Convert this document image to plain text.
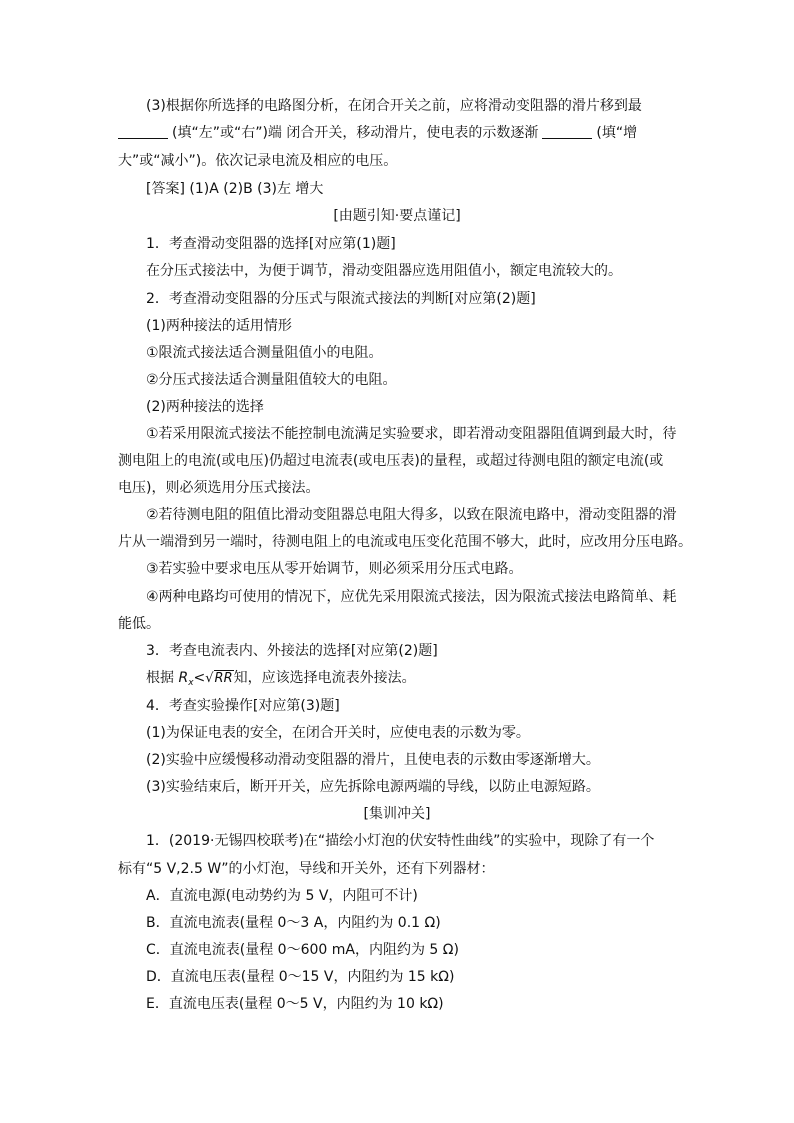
(3)根据你所选择的电路图分析，在闭合开关之前，应将滑动变阻器的滑片移到最
(填“左”或“右”)端 闭合开关，移动滑片，使电表的示数逐渐	(填“增
大”或“减小”)。依次记录电流及相应的电压。
[答案] (1)A (2)B (3)左 增大
[由题引知·要点谨记]
1．考查滑动变阻器的选择[对应第(1)题]
在分压式接法中，为便于调节，滑动变阻器应选用阻值小，额定电流较大的。
2．考查滑动变阻器的分压式与限流式接法的判断[对应第(2)题]
(1)两种接法的适用情形
①限流式接法适合测量阻值小的电阻。
②分压式接法适合测量阻值较大的电阻。
(2)两种接法的选择
①若采用限流式接法不能控制电流满足实验要求，即若滑动变阻器阻值调到最大时，待
测电阻上的电流(或电压)仍超过电流表(或电压表)的量程，或超过待测电阻的额定电流(或
电压)，则必须选用分压式接法。
②若待测电阻的阻值比滑动变阻器总电阻大得多，以致在限流电路中，滑动变阻器的滑
片从一端滑到另一端时，待测电阻上的电流或电压变化范围不够大，此时，应改用分压电路。
③若实验中要求电压从零开始调节，则必须采用分压式电路。
④两种电路均可使用的情况下，应优先采用限流式接法，因为限流式接法电路简单、耗
能低。
3．考查电流表内、外接法的选择[对应第(2)题]
根据 $R_x<√RR$知，应该选择电流表外接法。
4．考查实验操作[对应第(3)题]
(1)为保证电表的安全，在闭合开关时，应使电表的示数为零。
(2)实验中应缓慢移动滑动变阻器的滑片，且使电表的示数由零逐渐增大。
(3)实验结束后，断开开关，应先拆除电源两端的导线，以防止电源短路。
[集训冲关]
1．(2019·无锡四校联考)在“描绘小灯泡的伏安特性曲线”的实验中，现除了有一个
标有“5 V,2.5 W”的小灯泡，导线和开关外，还有下列器材：
A．直流电源(电动势约为 5 V，内阻可不计)
B．直流电流表(量程 0～3 A，内阻约为 0.1 Ω)
C．直流电流表(量程 0～600 mA，内阻约为 5 Ω)
D．直流电压表(量程 0～15 V，内阻约为 15 kΩ)
E．直流电压表(量程 0～5 V，内阻约为 10 kΩ)
